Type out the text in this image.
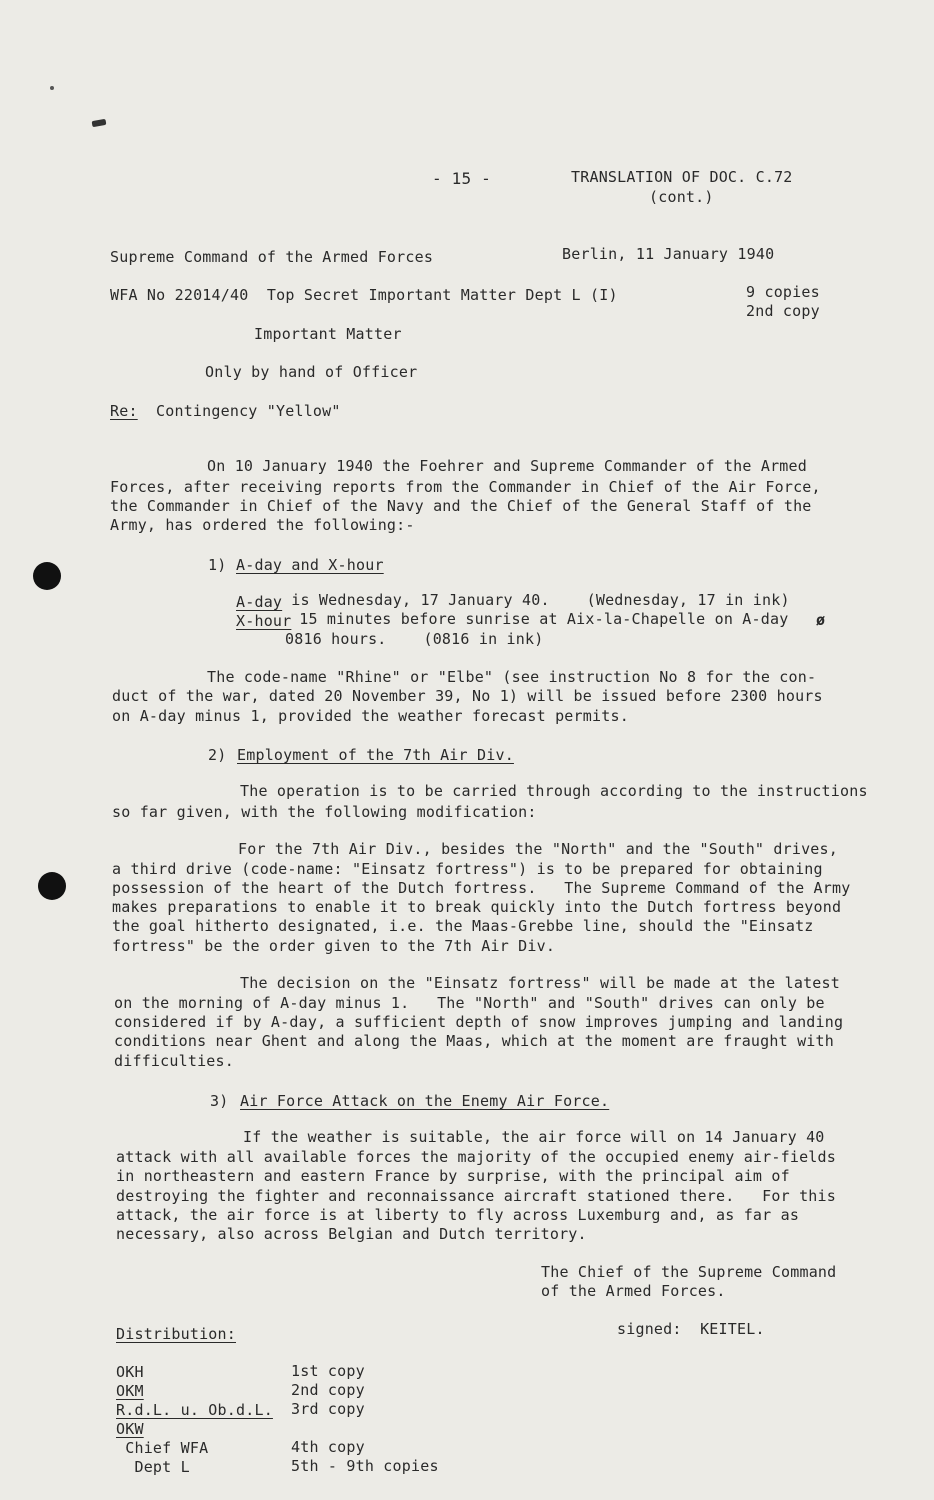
- 15 -	TRANSLATION OF DOC. C.72
(cont.)
Supreme Command of the Armed Forces	Berlin, 11 January 1940
WFA No 22014/40  Top Secret Important Matter Dept L (I)	9 copies
2nd copy
Important Matter
Only by hand of Officer
Re: Contingency "Yellow"
On 10 January 1940 the Foehrer and Supreme Commander of the Armed
Forces, after receiving reports from the Commander in Chief of the Air Force,
the Commander in Chief of the Navy and the Chief of the General Staff of the
Army, has ordered the following:-
1) A-day and X-hour
A-day is Wednesday, 17 January 40.    (Wednesday, 17 in ink)
X-hour
15 minutes before sunrise at Aix-la-Chapelle on A-day ø
0816 hours.    (0816 in ink)
The code-name "Rhine" or "Elbe" (see instruction No 8 for the con-
duct of the war, dated 20 November 39, No 1) will be issued before 2300 hours
on A-day minus 1, provided the weather forecast permits.
2) Employment of the 7th Air Div.
The operation is to be carried through according to the instructions
so far given, with the following modification:
For the 7th Air Div., besides the "North" and the "South" drives,
a third drive (code-name: "Einsatz fortress") is to be prepared for obtaining
possession of the heart of the Dutch fortress.   The Supreme Command of the Army
makes preparations to enable it to break quickly into the Dutch fortress beyond
the goal hitherto designated, i.e. the Maas-Grebbe line, should the "Einsatz
fortress" be the order given to the 7th Air Div.
The decision on the "Einsatz fortress" will be made at the latest
on the morning of A-day minus 1.   The "North" and "South" drives can only be
considered if by A-day, a sufficient depth of snow improves jumping and landing
conditions near Ghent and along the Maas, which at the moment are fraught with
difficulties.
3) Air Force Attack on the Enemy Air Force.
If the weather is suitable, the air force will on 14 January 40
attack with all available forces the majority of the occupied enemy air-fields
in northeastern and eastern France by surprise, with the principal aim of
destroying the fighter and reconnaissance aircraft stationed there.   For this
attack, the air force is at liberty to fly across Luxemburg and, as far as
necessary, also across Belgian and Dutch territory.
The Chief of the Supreme Command
of the Armed Forces.
signed:  KEITEL.
Distribution:
OKH	1st copy
OKM	2nd copy
R.d.L. u. Ob.d.L. 3rd copy
OKW
Chief WFA	4th copy
Dept L	5th - 9th copies
